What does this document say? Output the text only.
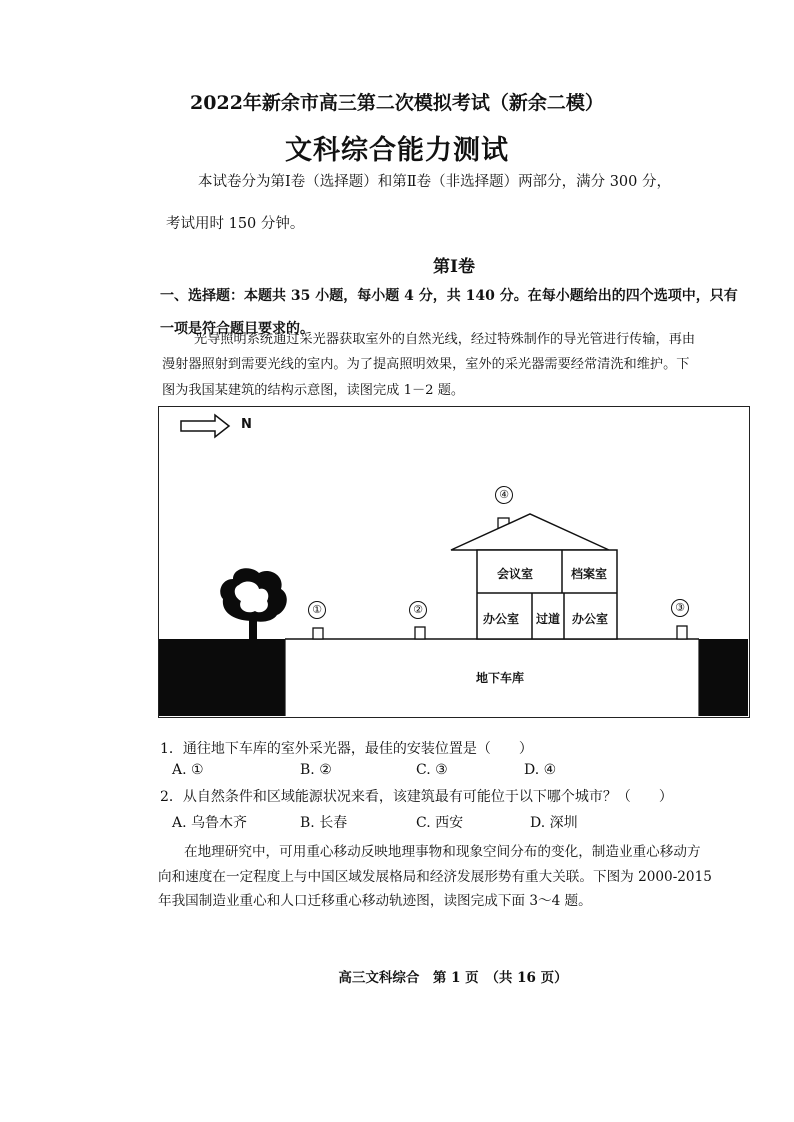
2022年新余市高三第二次模拟考试（新余二模）
文科综合能力测试
本试卷分为第Ⅰ卷（选择题）和第Ⅱ卷（非选择题）两部分，满分 300 分，
考试用时 150 分钟。
第Ⅰ卷
一、选择题：本题共 35 小题，每小题 4 分，共 140 分。在每小题给出的四个选项中，只有
一项是符合题目要求的。
光导照明系统通过采光器获取室外的自然光线，经过特殊制作的导光管进行传输，再由
漫射器照射到需要光线的室内。为了提高照明效果，室外的采光器需要经常清洗和维护。下
图为我国某建筑的结构示意图，读图完成 1－2 题。
①	②	③
④
N
会议室	档案室
办公室 过道 办公室
地下车库
1．通往地下车库的室外采光器，最佳的安装位置是（　　）
A. ①	B. ②	C. ③	D. ④
2．从自然条件和区域能源状况来看，该建筑最有可能位于以下哪个城市？（　　）
A. 乌鲁木齐	B. 长春	C. 西安	D. 深圳
在地理研究中，可用重心移动反映地理事物和现象空间分布的变化，制造业重心移动方
向和速度在一定程度上与中国区域发展格局和经济发展形势有重大关联。下图为 2000-2015
年我国制造业重心和人口迁移重心移动轨迹图，读图完成下面 3～4 题。
高三文科综合　第 1 页　（共 16 页）
